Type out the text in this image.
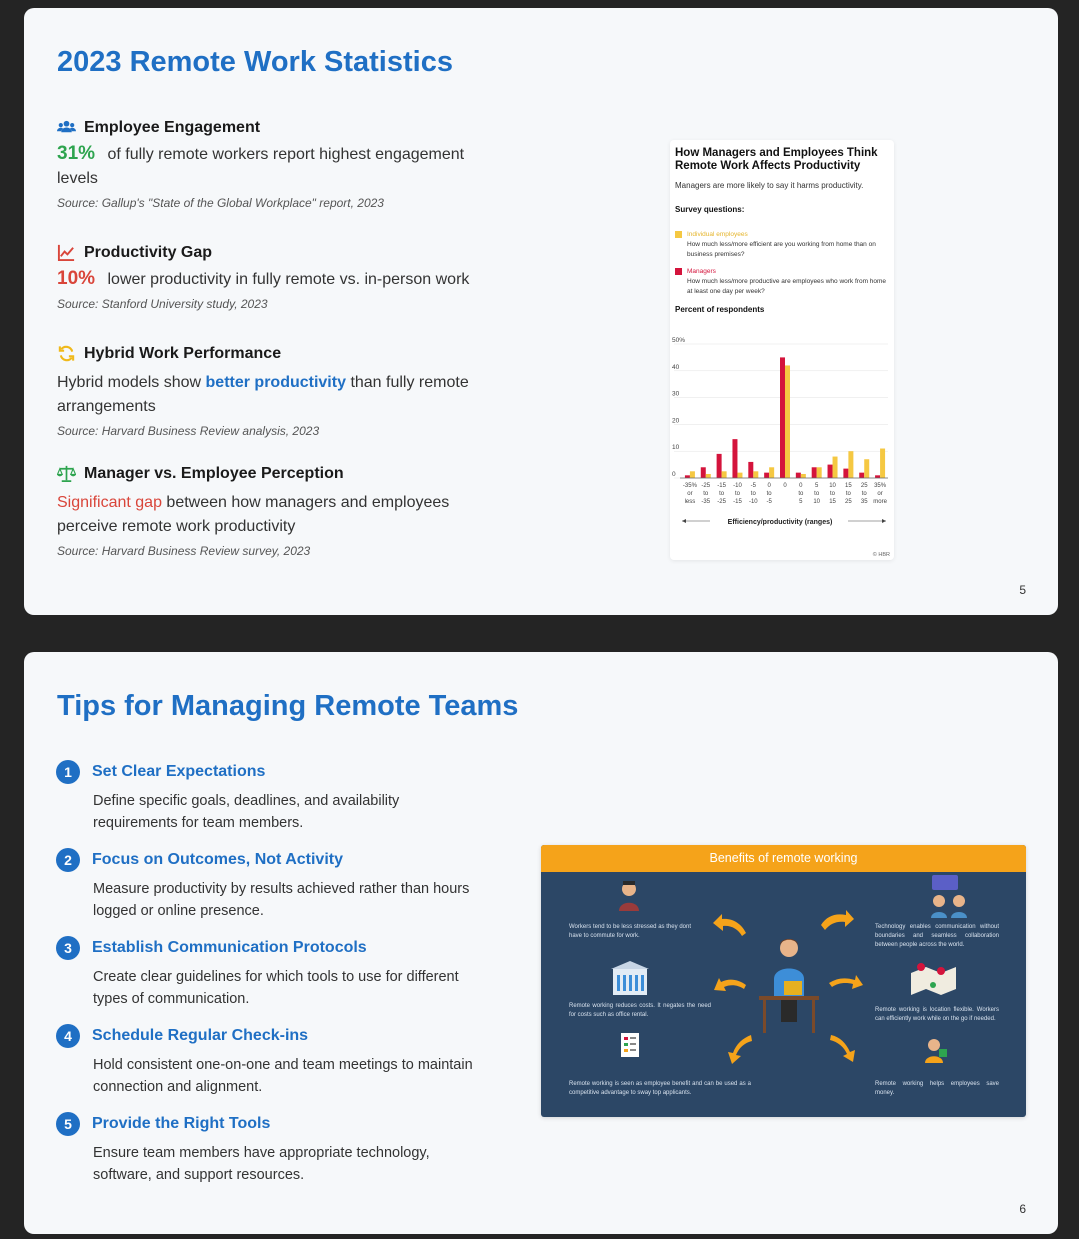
2023 Remote Work Statistics
Employee Engagement
31% of fully remote workers report highest engagement levels
Source: Gallup's "State of the Global Workplace" report, 2023
Productivity Gap
10% lower productivity in fully remote vs. in-person work
Source: Stanford University study, 2023
Hybrid Work Performance
Hybrid models show better productivity than fully remote arrangements
Source: Harvard Business Review analysis, 2023
Manager vs. Employee Perception
Significant gap between how managers and employees perceive remote work productivity
Source: Harvard Business Review survey, 2023
How Managers and Employees Think Remote Work Affects Productivity
Managers are more likely to say it harms productivity.
Survey questions:
Individual employees
How much less/more efficient are you working from home than on business premises?
Managers
How much less/more productive are employees who work from home at least one day per week?
Percent of respondents
0
10
20
30
40
50%
-35%
or
less
-25
to
-35
-15
to
-25
-10
to
-15
-5
to
-10
0
to
-5
0 0
to
5
5
to
10
10
to
15
15
to
25
25
to
35
35%
or
more
Efficiency/productivity (ranges)
© HBR
5
Tips for Managing Remote Teams
1	Set Clear Expectations
Define specific goals, deadlines, and availability requirements for team members.
2	Focus on Outcomes, Not Activity
Measure productivity by results achieved rather than hours logged or online presence.
3	Establish Communication Protocols
Create clear guidelines for which tools to use for different types of communication.
4	Schedule Regular Check-ins
Hold consistent one-on-one and team meetings to maintain connection and alignment.
5	Provide the Right Tools
Ensure team members have appropriate technology, software, and support resources.
Benefits of remote working
Workers tend to be less stressed as they dont have to commute for work.
Technology enables communication without boundaries and seamless collaboration between people across the world.
Remote working reduces costs. It negates the need for costs such as office rental.
Remote working is location flexible. Workers can efficiently work while on the go if needed.
Remote working is seen as employee benefit and can be used as a competitive advantage to sway top applicants.
Remote working helps employees save money.
6
